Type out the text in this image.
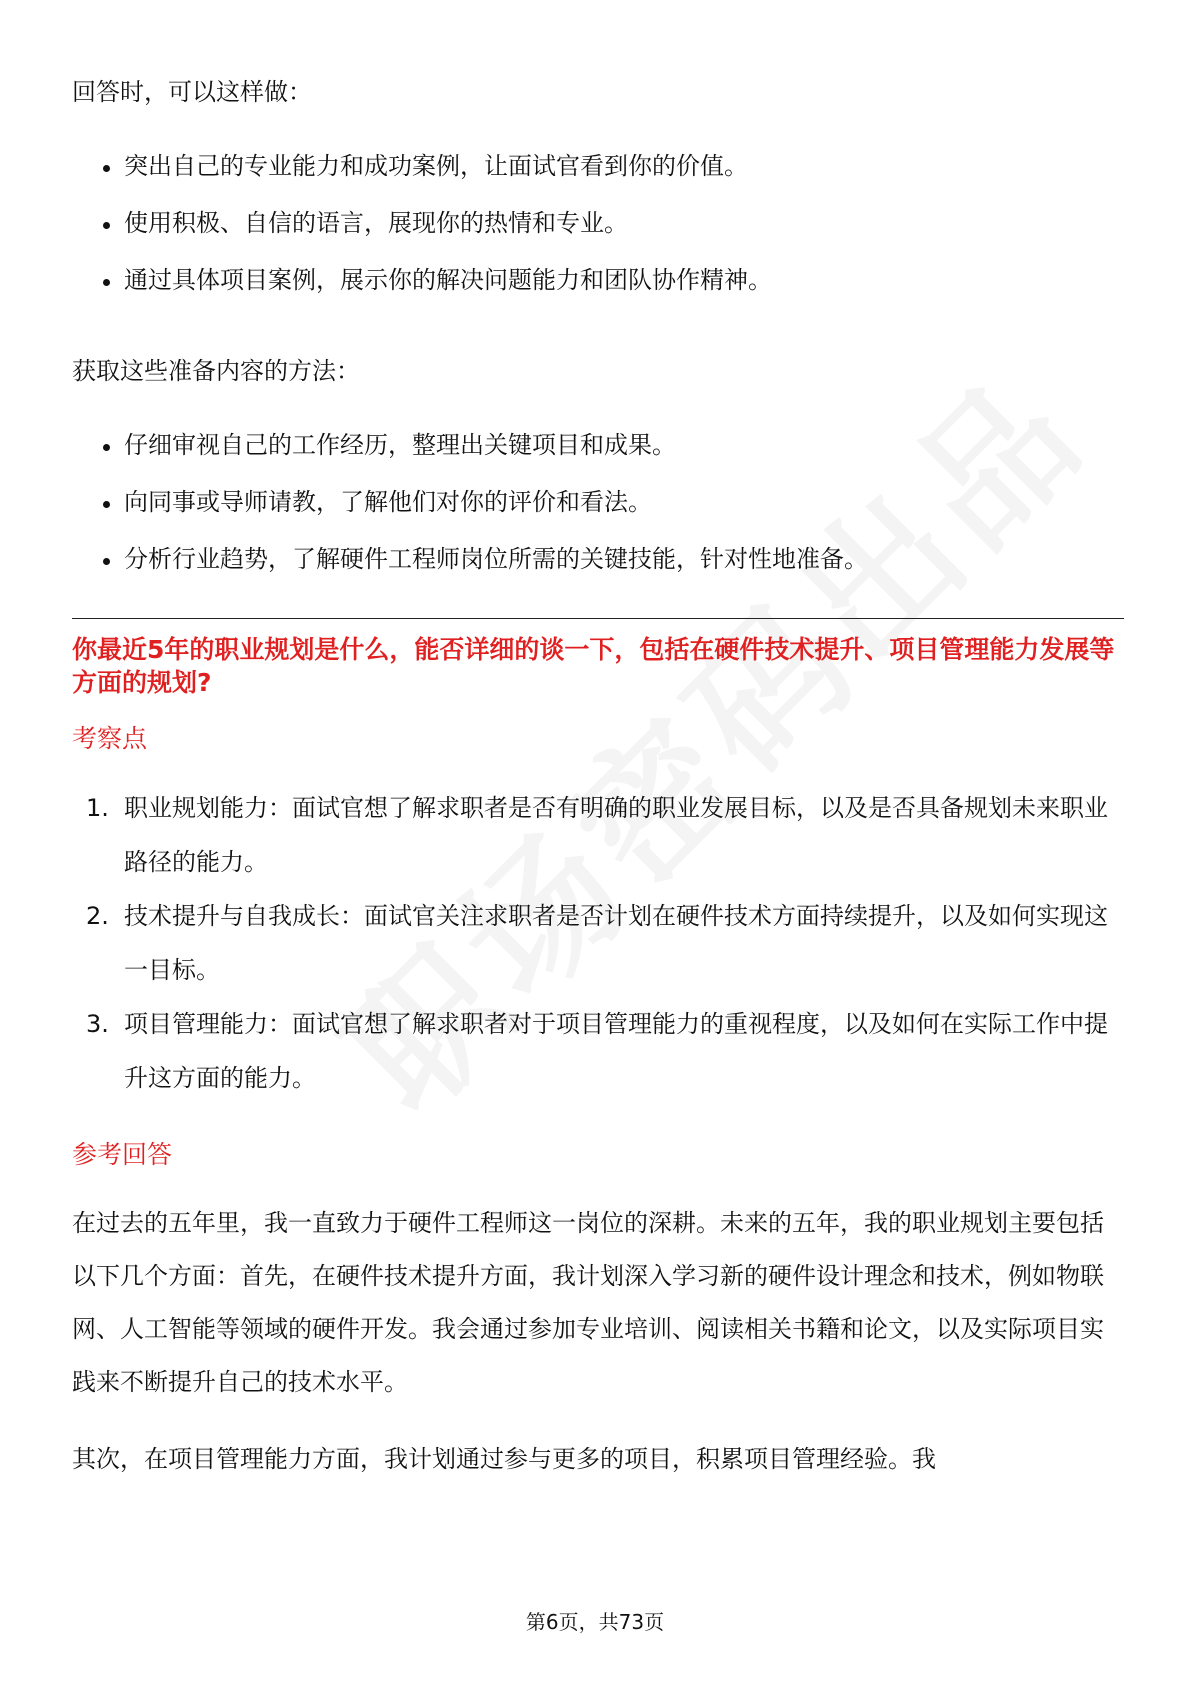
回答时，可以这样做：

突出自己的专业能力和成功案例，让面试官看到你的价值。
使用积极、自信的语言，展现你的热情和专业。
通过具体项目案例，展示你的解决问题能力和团队协作精神。

获取这些准备内容的方法：

仔细审视自己的工作经历，整理出关键项目和成果。
向同事或导师请教，了解他们对你的评价和看法。
分析行业趋势，了解硬件工程师岗位所需的关键技能，针对性地准备。
你最近5年的职业规划是什么，能否详细的谈一下，包括在硬件技术提升、项目管理能力发展等方面的规划?
考察点
1. 职业规划能力：面试官想了解求职者是否有明确的职业发展目标，以及是否具备规划未来职业路径的能力。
2. 技术提升与自我成长：面试官关注求职者是否计划在硬件技术方面持续提升，以及如何实现这一目标。
3. 项目管理能力：面试官想了解求职者对于项目管理能力的重视程度，以及如何在实际工作中提升这方面的能力。
参考回答

在过去的五年里，我一直致力于硬件工程师这一岗位的深耕。未来的五年，我的职业规划主要包括以下几个方面：首先，在硬件技术提升方面，我计划深入学习新的硬件设计理念和技术，例如物联网、人工智能等领域的硬件开发。我会通过参加专业培训、阅读相关书籍和论文，以及实际项目实践来不断提升自己的技术水平。

其次，在项目管理能力方面，我计划通过参与更多的项目，积累项目管理经验。我

第6页，共73页
